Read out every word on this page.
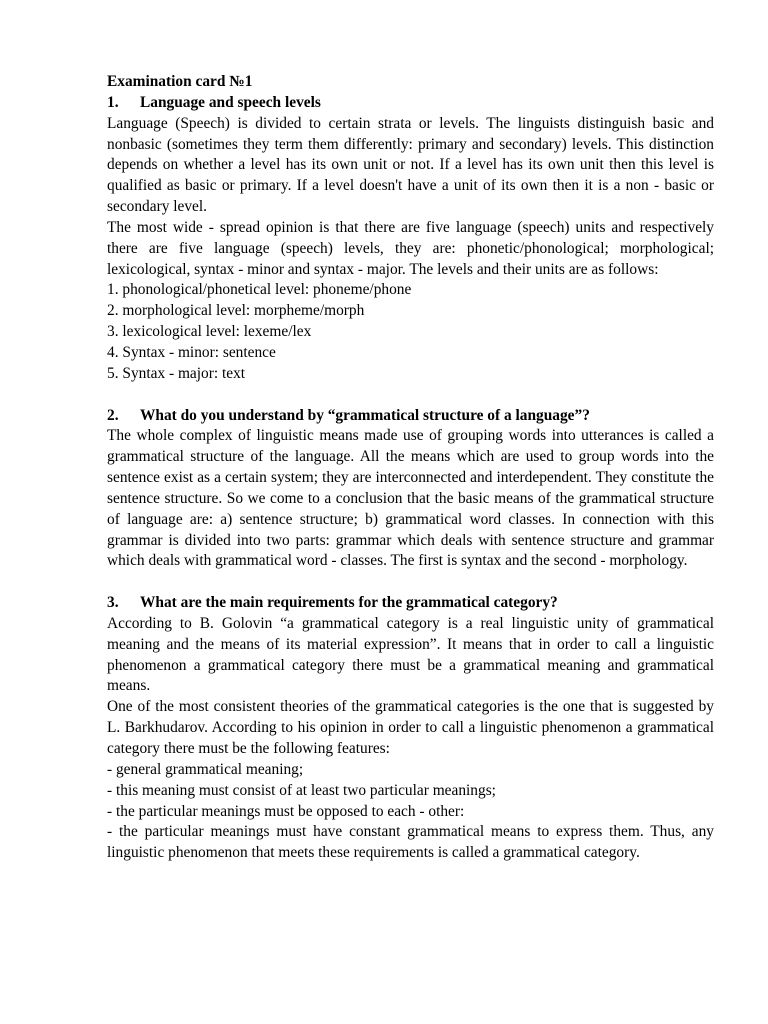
Examination card №1

1. Language and speech levels

Language (Speech) is divided to certain strata or levels. The linguists distinguish basic and nonbasic (sometimes they term them differently: primary and secondary) levels. This distinction depends on whether a level has its own unit or not. If a level has its own unit then this level is qualified as basic or primary. If a level doesn't have a unit of its own then it is a non - basic or secondary level.

The most wide - spread opinion is that there are five language (speech) units and respectively there are five language (speech) levels, they are: phonetic/phonological; morphological; lexicological, syntax - minor and syntax - major. The levels and their units are as follows:

1. phonological/phonetical level: phoneme/phone
2. morphological level: morpheme/morph
3. lexicological level: lexeme/lex
4. Syntax - minor: sentence
5. Syntax - major: text

2. What do you understand by “grammatical structure of a language”?

The whole complex of linguistic means made use of grouping words into utterances is called a grammatical structure of the language. All the means which are used to group words into the sentence exist as a certain system; they are interconnected and interdependent. They constitute the sentence structure. So we come to a conclusion that the basic means of the grammatical structure of language are: a) sentence structure; b) grammatical word classes. In connection with this grammar is divided into two parts: grammar which deals with sentence structure and grammar which deals with grammatical word - classes. The first is syntax and the second - morphology.

3. What are the main requirements for the grammatical category?

According to B. Golovin “a grammatical category is a real linguistic unity of grammatical meaning and the means of its material expression”. It means that in order to call a linguistic phenomenon a grammatical category there must be a grammatical meaning and grammatical means.

One of the most consistent theories of the grammatical categories is the one that is suggested by L. Barkhudarov. According to his opinion in order to call a linguistic phenomenon a grammatical category there must be the following features:

- general grammatical meaning;
- this meaning must consist of at least two particular meanings;
- the particular meanings must be opposed to each - other:
- the particular meanings must have constant grammatical means to express them. Thus, any linguistic phenomenon that meets these requirements is called a grammatical category.
